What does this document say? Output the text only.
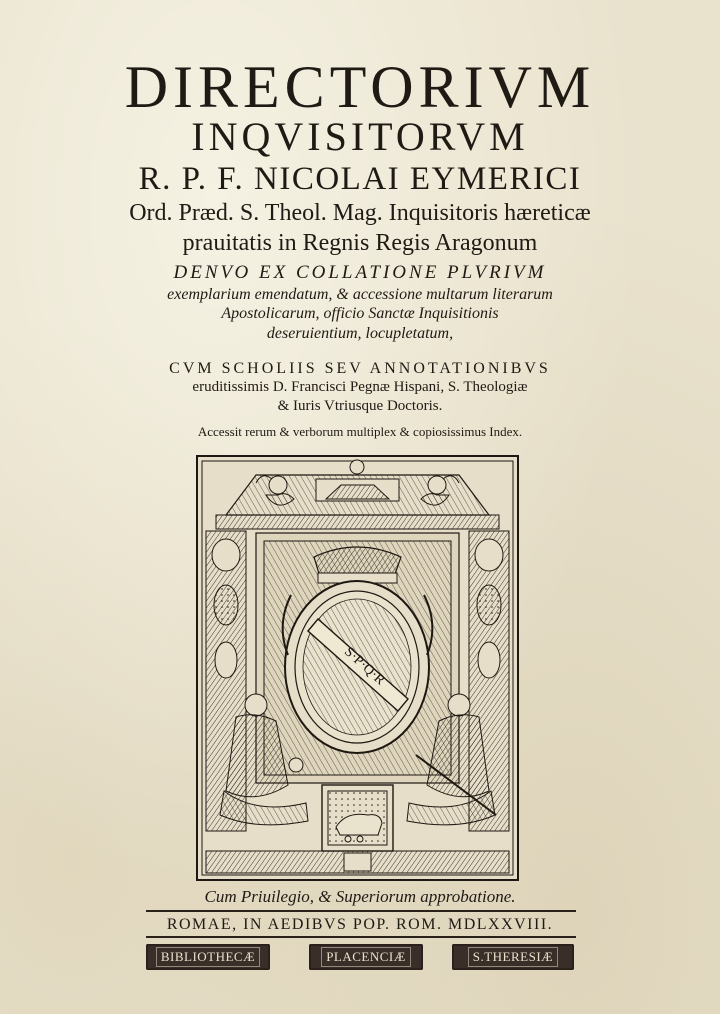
DIRECTORIVM
INQVISITORVM
R. P. F. NICOLAI EYMERICI
Ord. Præd. S. Theol. Mag. Inquisitoris hæreticæ
prauitatis in Regnis Regis Aragonum
DENVO EX COLLATIONE PLVRIVM
exemplarium emendatum, & accessione multarum literarum
Apostolicarum, officio Sanctæ Inquisitionis
deseruientium, locupletatum,
CVM SCHOLIIS SEV ANNOTATIONIBVS
eruditissimis D. Francisci Pegnæ Hispani, S. Theologiæ
& Iuris Vtriusque Doctoris.
Accessit rerum & verborum multiplex & copiosissimus Index.
S·P·Q·R
Cum Priuilegio, & Superiorum approbatione.
ROMAE, IN AEDIBVS POP. ROM. MDLXXVIII.
BIBLIOTHECÆ	PLACENCIÆ	S.THERESIÆ
